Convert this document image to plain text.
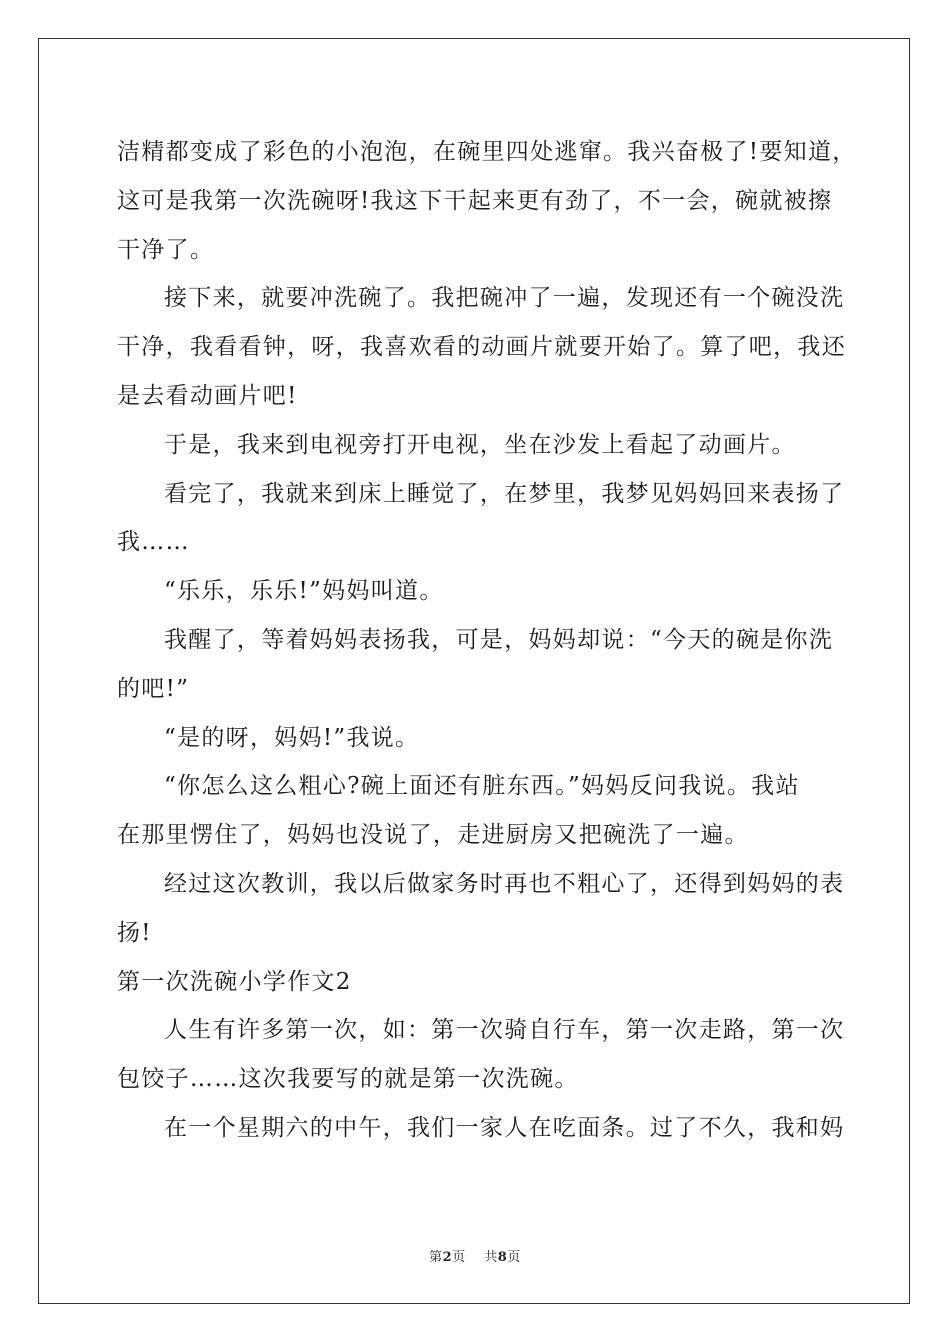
洁精都变成了彩色的小泡泡，在碗里四处逃窜。我兴奋极了!要知道，
这可是我第一次洗碗呀!我这下干起来更有劲了，不一会，碗就被擦
干净了。
接下来，就要冲洗碗了。我把碗冲了一遍，发现还有一个碗没洗
干净，我看看钟，呀，我喜欢看的动画片就要开始了。算了吧，我还
是去看动画片吧!
于是，我来到电视旁打开电视，坐在沙发上看起了动画片。
看完了，我就来到床上睡觉了，在梦里，我梦见妈妈回来表扬了
我……
“乐乐，乐乐!”妈妈叫道。
我醒了，等着妈妈表扬我，可是，妈妈却说：“今天的碗是你洗
的吧!”
“是的呀，妈妈!”我说。
“你怎么这么粗心?碗上面还有脏东西。”妈妈反问我说。我站
在那里愣住了，妈妈也没说了，走进厨房又把碗洗了一遍。
经过这次教训，我以后做家务时再也不粗心了，还得到妈妈的表
扬!
第一次洗碗小学作文2
人生有许多第一次，如：第一次骑自行车，第一次走路，第一次
包饺子……这次我要写的就是第一次洗碗。
在一个星期六的中午，我们一家人在吃面条。过了不久，我和妈
第2页 共8页
